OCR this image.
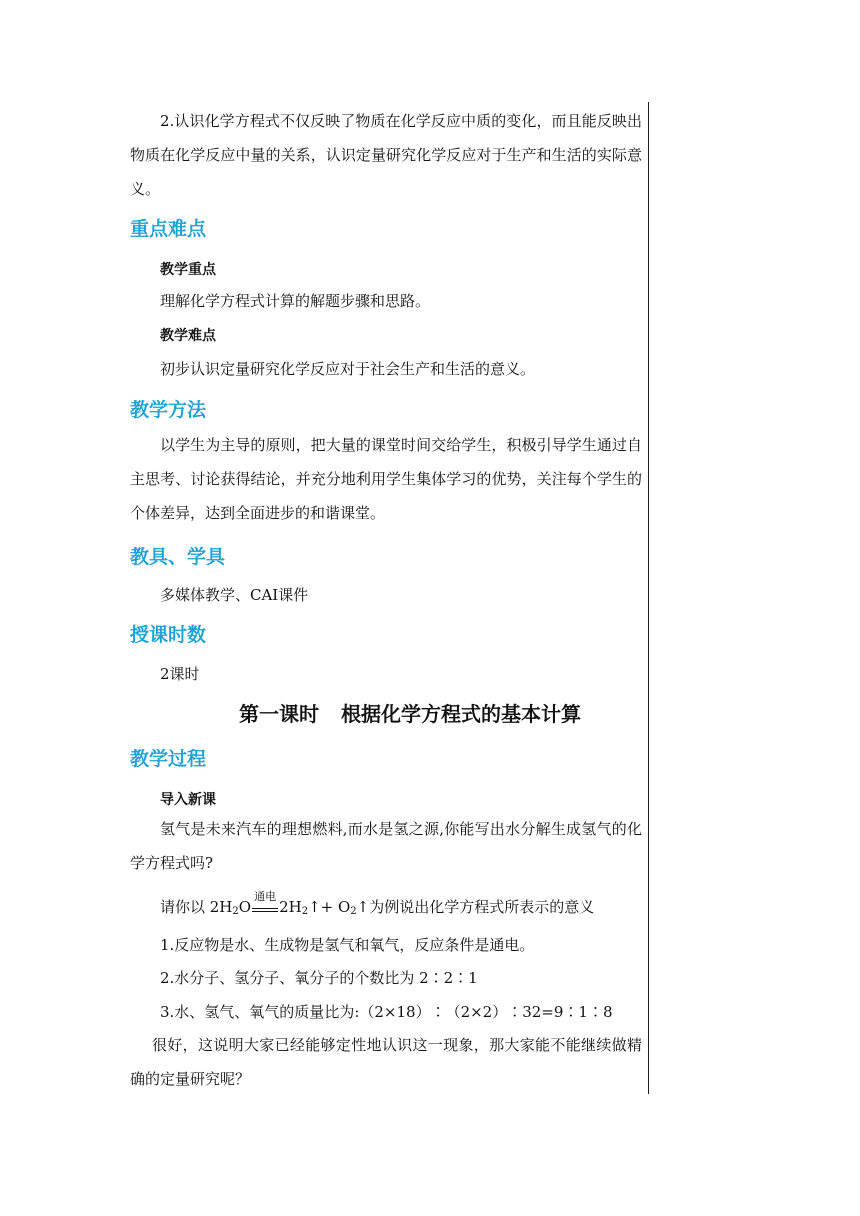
2.认识化学方程式不仅反映了物质在化学反应中质的变化，而且能反映出物质在化学反应中量的关系，认识定量研究化学反应对于生产和生活的实际意义。

重点难点

教学重点

理解化学方程式计算的解题步骤和思路。

教学难点

初步认识定量研究化学反应对于社会生产和生活的意义。

教学方法

以学生为主导的原则，把大量的课堂时间交给学生，积极引导学生通过自主思考、讨论获得结论，并充分地利用学生集体学习的优势，关注每个学生的个体差异，达到全面进步的和谐课堂。

教具、学具

多媒体教学、CAI课件

授课时数

2课时

第一课时 根据化学方程式的基本计算
教学过程

导入新课

氢气是未来汽车的理想燃料,而水是氢之源,你能写出水分解生成氢气的化学方程式吗?

请你以 $2H_2O$
通电
$2H_2↑+$ $O_2↑$为例说出化学方程式所表示的意义

1.反应物是水、生成物是氢气和氧气，反应条件是通电。

2.水分子、氢分子、氧分子的个数比为 2∶2∶1

3.水、氢气、氧气的质量比为:（2×18）∶（2×2）∶32=9∶1∶8

很好，这说明大家已经能够定性地认识这一现象，那大家能不能继续做精确的定量研究呢？
